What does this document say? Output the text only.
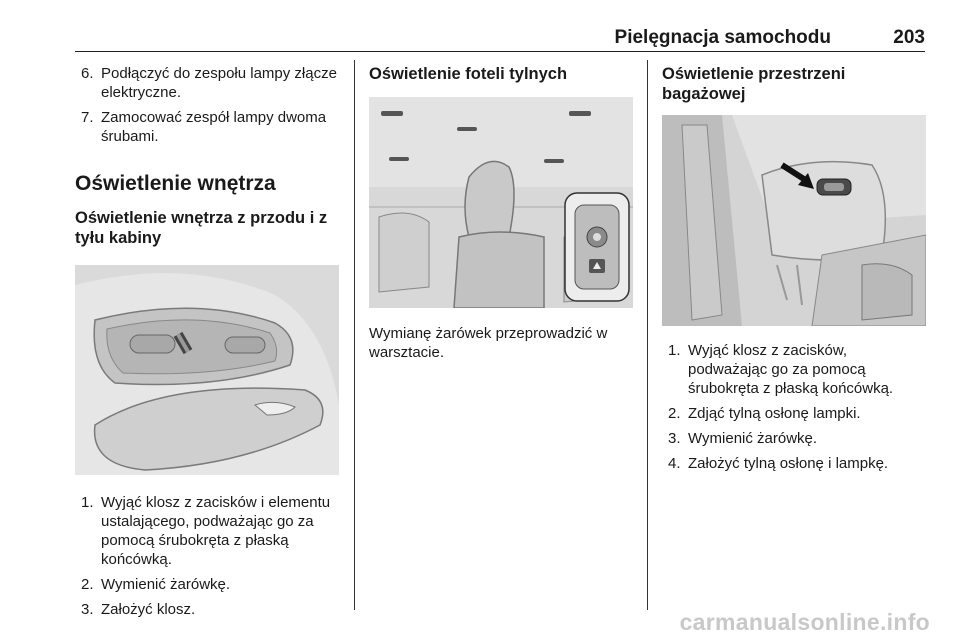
Pielęgnacja samochodu	203
6. Podłączyć do zespołu lampy złącze elektryczne.
7. Zamocować zespół lampy dwoma śrubami.
Oświetlenie wnętrza
Oświetlenie wnętrza z przodu i z tyłu kabiny
1. Wyjąć klosz z zacisków i elementu ustalającego, podważając go za pomocą śrubokręta z płaską końcówką.
2. Wymienić żarówkę.
3. Założyć klosz.
Oświetlenie foteli tylnych

Wymianę żarówek przeprowadzić w warsztacie.

Oświetlenie przestrzeni bagażowej
1. Wyjąć klosz z zacisków, podważając go za pomocą śrubokręta z płaską końcówką.
2. Zdjąć tylną osłonę lampki.
3. Wymienić żarówkę.
4. Założyć tylną osłonę i lampkę.
carmanualsonline.info
